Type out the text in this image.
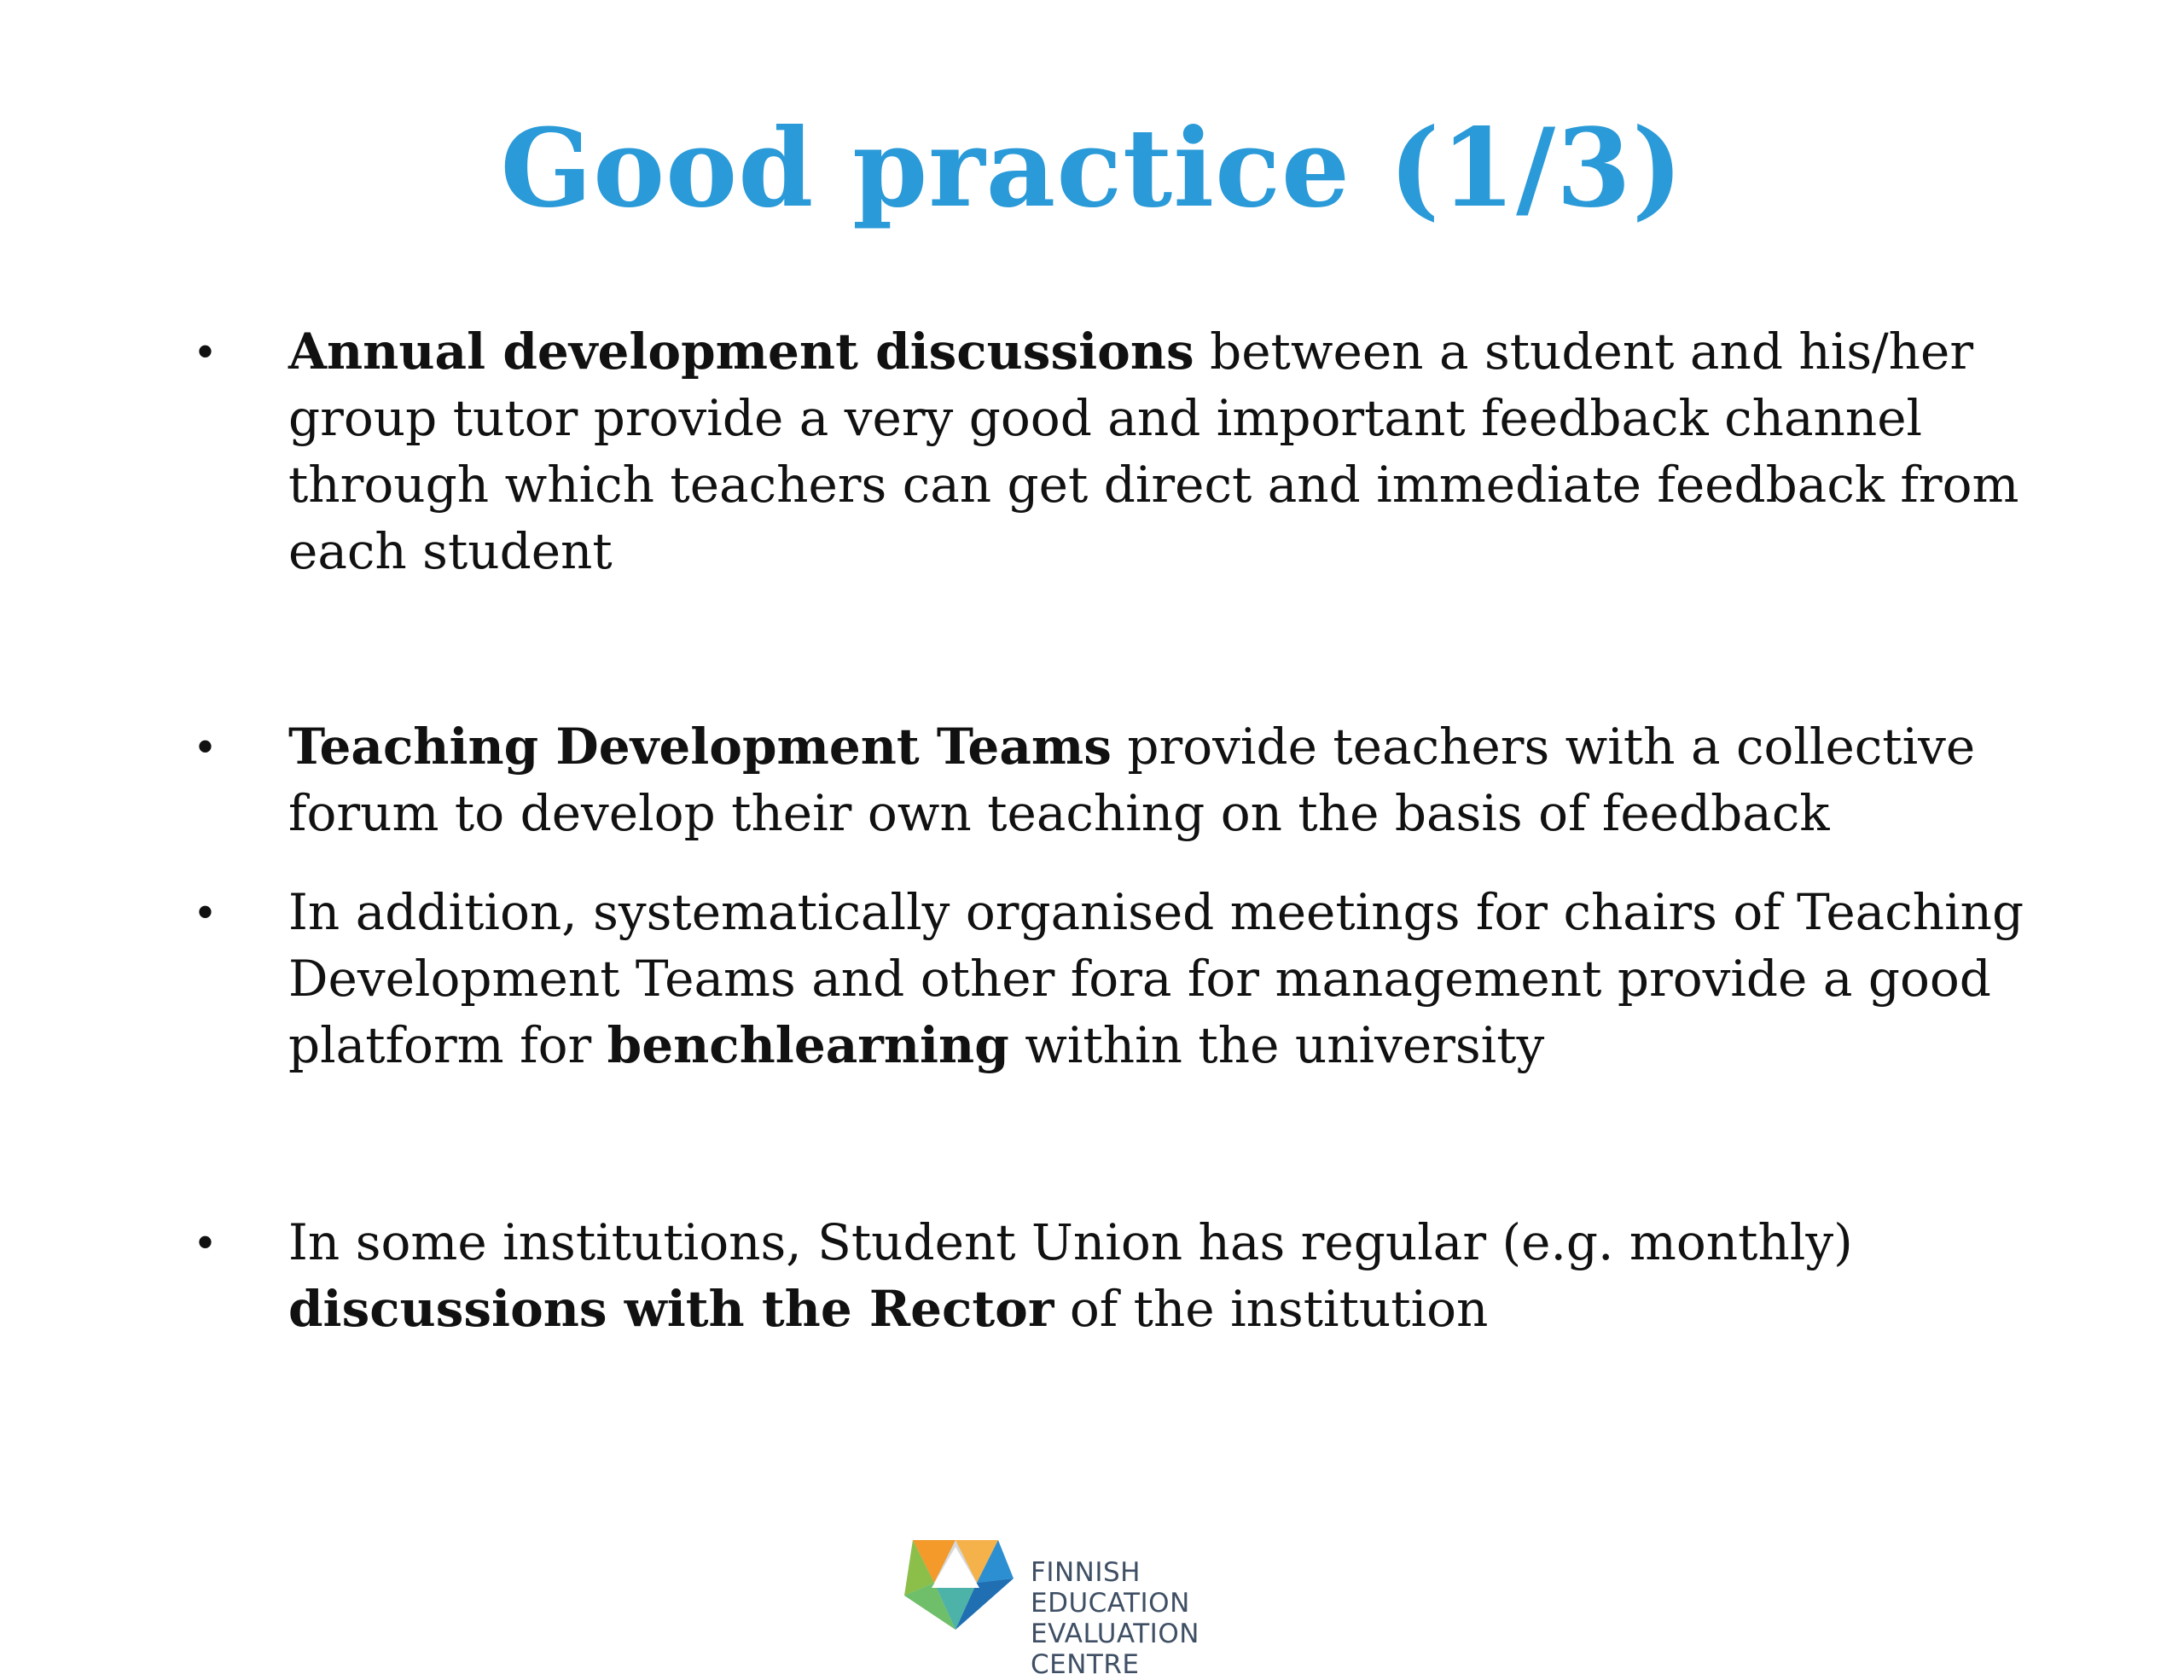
Good practice (1/3)
•	Annual development discussions between a student and his/her group tutor provide a very good and important feedback channel through which teachers can get direct and immediate feedback from each student
•	Teaching Development Teams provide teachers with a collective forum to develop their own teaching on the basis of feedback
•	In addition, systematically organised meetings for chairs of Teaching Development Teams and other fora for management provide a good platform for benchlearning within the university
•	In some institutions, Student Union has regular (e.g. monthly) discussions with the Rector of the institution
FINNISH EDUCATION
EVALUATION CENTRE
